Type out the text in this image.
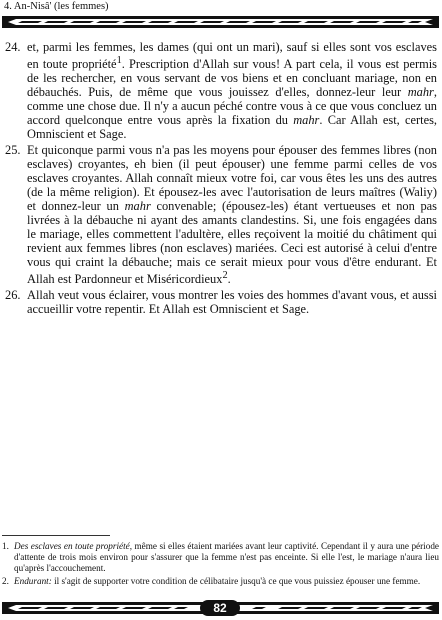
4. An-Nisâ' (les femmes)
24. et, parmi les femmes, les dames (qui ont un mari), sauf si elles sont vos esclaves en toute propriété$^1$. Prescription d'Allah sur vous! A part cela, il vous est permis de les rechercher, en vous servant de vos biens et en concluant mariage, non en débauchés. Puis, de même que vous jouissez d'elles, donnez-leur leur mahr, comme une chose due. Il n'y a aucun péché contre vous à ce que vous concluez un accord quelconque entre vous après la fixation du mahr. Car Allah est, certes, Omniscient et Sage.
25. Et quiconque parmi vous n'a pas les moyens pour épouser des femmes libres (non esclaves) croyantes, eh bien (il peut épouser) une femme parmi celles de vos esclaves croyantes. Allah connaît mieux votre foi, car vous êtes les uns des autres (de la même religion). Et épousez-les avec l'autorisation de leurs maîtres (Waliy) et donnez-leur un mahr convenable; (épousez-les) étant vertueuses et non pas livrées à la débauche ni ayant des amants clandestins. Si, une fois engagées dans le mariage, elles commettent l'adultère, elles reçoivent la moitié du châtiment qui revient aux femmes libres (non esclaves) mariées. Ceci est autorisé à celui d'entre vous qui craint la débauche; mais ce serait mieux pour vous d'être endurant. Et Allah est Pardonneur et Miséricordieux$^2$.
26. Allah veut vous éclairer, vous montrer les voies des hommes d'avant vous, et aussi accueillir votre repentir. Et Allah est Omniscient et Sage.
1. Des esclaves en toute propriété, même si elles étaient mariées avant leur captivité. Cependant il y aura une période d'attente de trois mois environ pour s'assurer que la femme n'est pas enceinte. Si elle l'est, le mariage n'aura lieu qu'après l'accouchement.
2. Endurant: il s'agit de supporter votre condition de célibataire jusqu'à ce que vous puissiez épouser une femme.
82
